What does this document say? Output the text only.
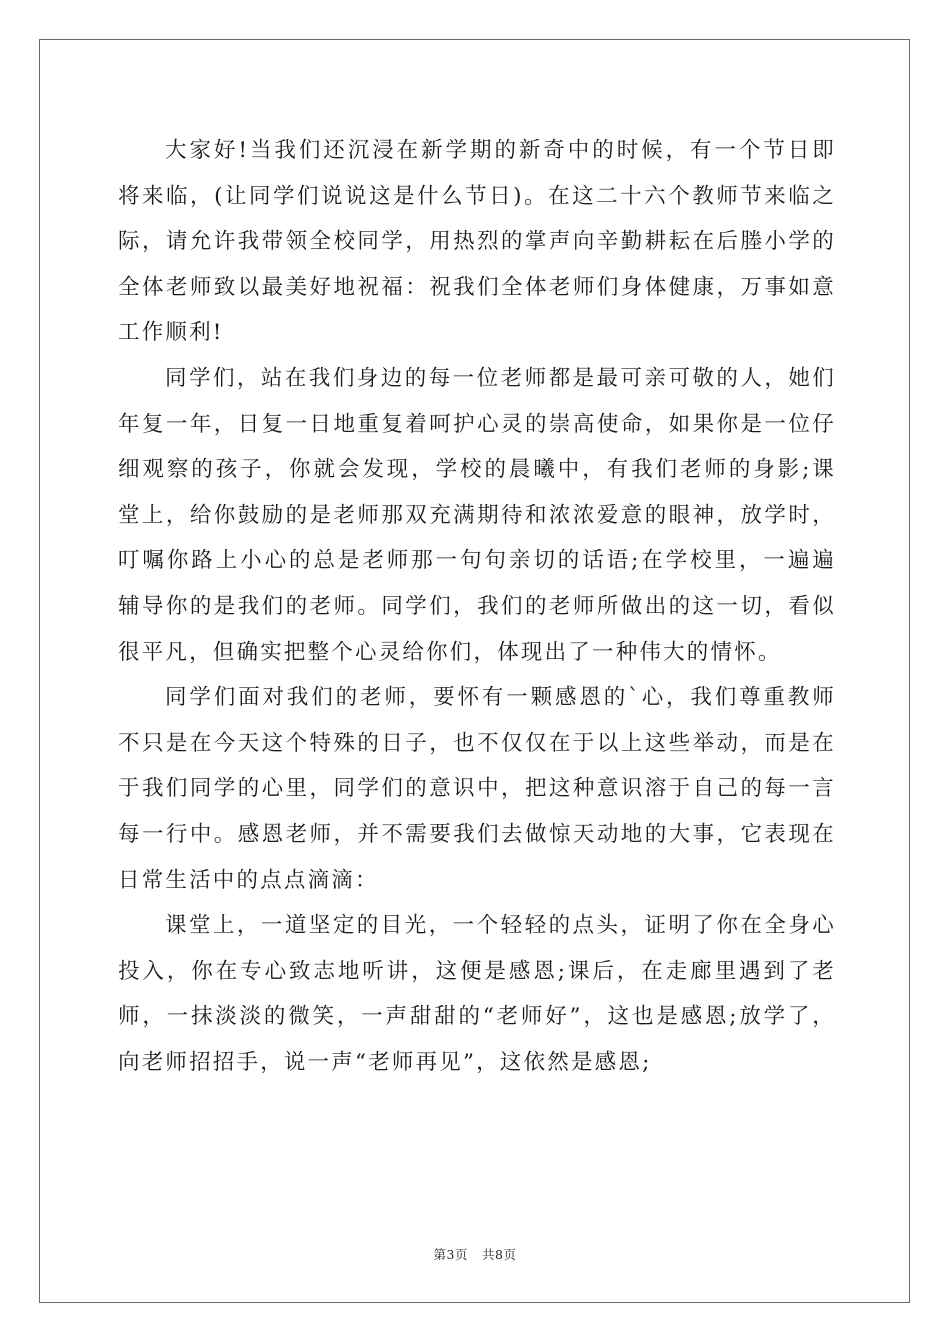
大家好!当我们还沉浸在新学期的新奇中的时候，有一个节日即将来临，(让同学们说说这是什么节日)。在这二十六个教师节来临之际，请允许我带领全校同学，用热烈的掌声向辛勤耕耘在后塍小学的全体老师致以最美好地祝福：祝我们全体老师们身体健康，万事如意工作顺利!

同学们，站在我们身边的每一位老师都是最可亲可敬的人，她们年复一年，日复一日地重复着呵护心灵的崇高使命，如果你是一位仔细观察的孩子，你就会发现，学校的晨曦中，有我们老师的身影;课堂上，给你鼓励的是老师那双充满期待和浓浓爱意的眼神，放学时，叮嘱你路上小心的总是老师那一句句亲切的话语;在学校里，一遍遍辅导你的是我们的老师。同学们，我们的老师所做出的这一切，看似很平凡，但确实把整个心灵给你们，体现出了一种伟大的情怀。

同学们面对我们的老师，要怀有一颗感恩的`心，我们尊重教师不只是在今天这个特殊的日子，也不仅仅在于以上这些举动，而是在于我们同学的心里，同学们的意识中，把这种意识溶于自己的每一言每一行中。感恩老师，并不需要我们去做惊天动地的大事，它表现在日常生活中的点点滴滴：

课堂上，一道坚定的目光，一个轻轻的点头，证明了你在全身心投入，你在专心致志地听讲，这便是感恩;课后，在走廊里遇到了老师，一抹淡淡的微笑，一声甜甜的“老师好”，这也是感恩;放学了，向老师招招手，说一声“老师再见”，这依然是感恩;

第3页 共8页
